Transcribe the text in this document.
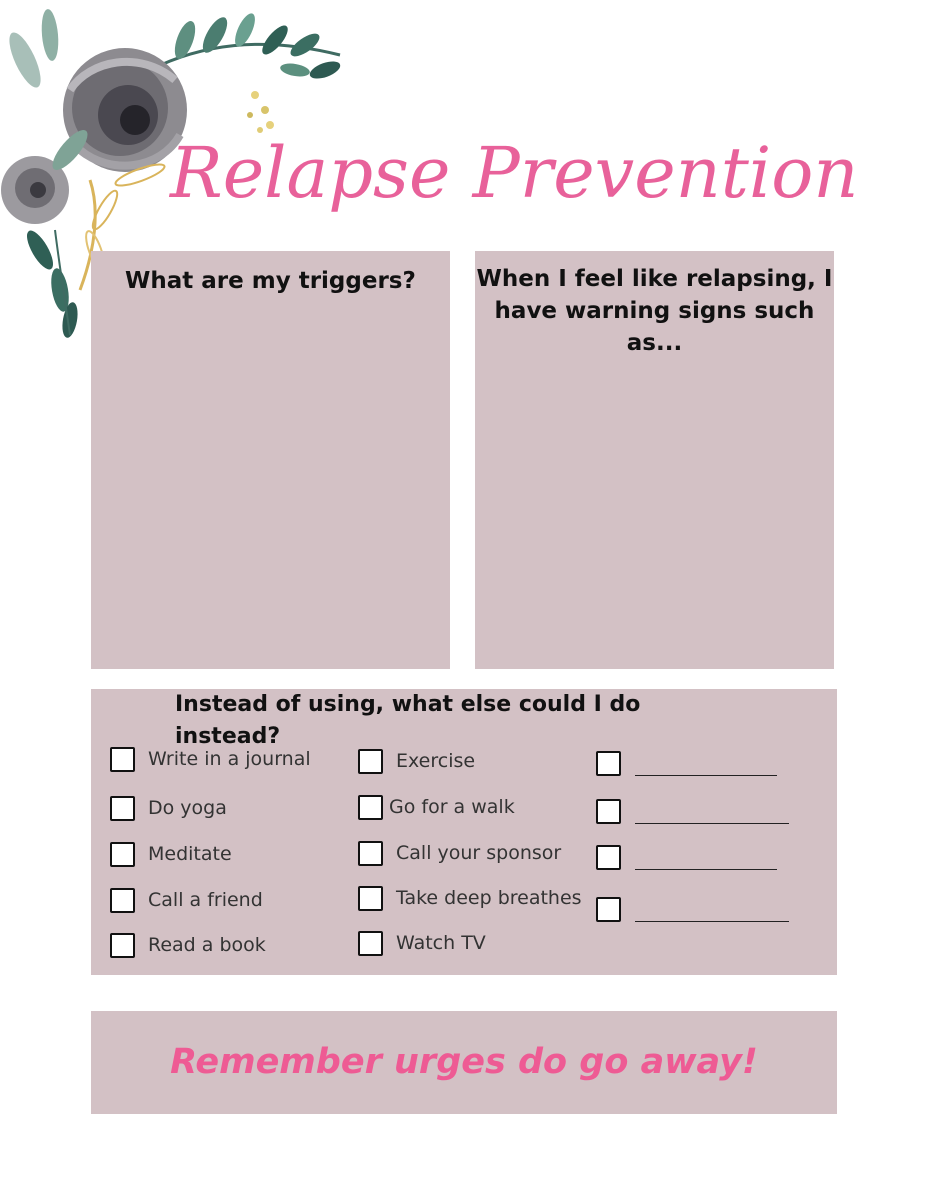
Relapse Prevention
What are my triggers?	When I feel like relapsing, I have warning signs such as...
Instead of using, what else could I do instead?
Write in a journal
Do yoga
Meditate
Call a friend
Read a book
Exercise
Go for a walk
Call your sponsor
Take deep breathes
Watch TV
Remember urges do go away!
